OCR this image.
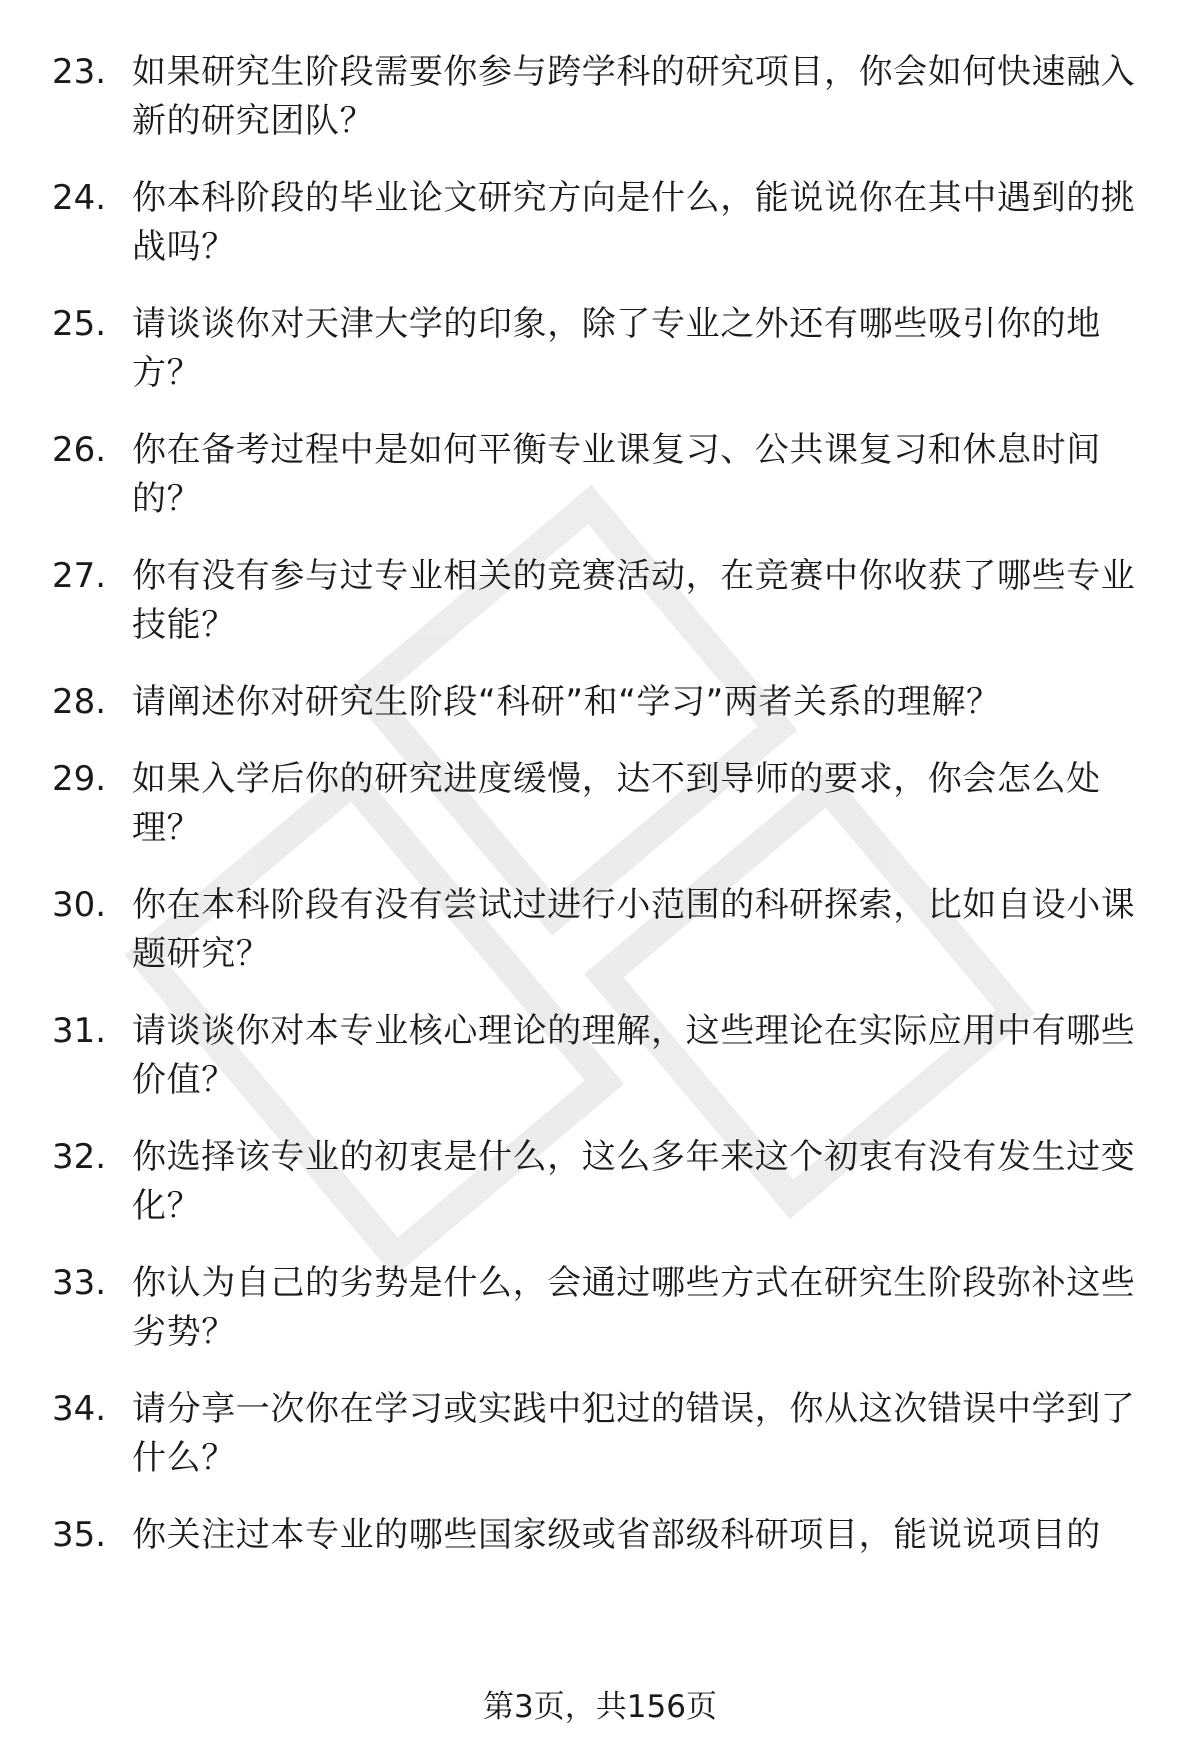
23. 如果研究生阶段需要你参与跨学科的研究项目，你会如何快速融入新的研究团队？
24. 你本科阶段的毕业论文研究方向是什么，能说说你在其中遇到的挑战吗？
25. 请谈谈你对天津大学的印象，除了专业之外还有哪些吸引你的地方？
26. 你在备考过程中是如何平衡专业课复习、公共课复习和休息时间的？
27. 你有没有参与过专业相关的竞赛活动，在竞赛中你收获了哪些专业技能？
28. 请阐述你对研究生阶段“科研”和“学习”两者关系的理解？
29. 如果入学后你的研究进度缓慢，达不到导师的要求，你会怎么处理？
30. 你在本科阶段有没有尝试过进行小范围的科研探索，比如自设小课题研究？
31. 请谈谈你对本专业核心理论的理解，这些理论在实际应用中有哪些价值？
32. 你选择该专业的初衷是什么，这么多年来这个初衷有没有发生过变化？
33. 你认为自己的劣势是什么，会通过哪些方式在研究生阶段弥补这些劣势？
34. 请分享一次你在学习或实践中犯过的错误，你从这次错误中学到了什么？
35. 你关注过本专业的哪些国家级或省部级科研项目，能说说项目的
第3页，共156页
